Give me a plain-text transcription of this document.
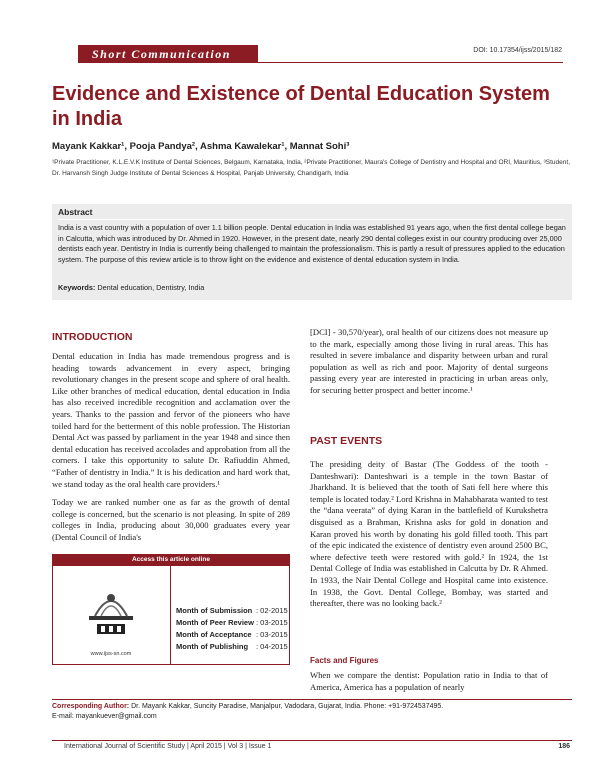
Short Communication	DOI: 10.17354/ijss/2015/182
Evidence and Existence of Dental Education System in India
Mayank Kakkar¹, Pooja Pandya², Ashma Kawalekar¹, Mannat Sohi³
¹Private Practitioner, K.L.E.V.K Institute of Dental Sciences, Belgaum, Karnataka, India, ²Private Practitioner, Maura's College of Dentistry and Hospital and ORI, Mauritius, ³Student, Dr. Harvansh Singh Judge Institute of Dental Sciences & Hospital, Panjab University, Chandigarh, India
Abstract
India is a vast country with a population of over 1.1 billion people. Dental education in India was established 91 years ago, when the first dental college began in Calcutta, which was introduced by Dr. Ahmed in 1920. However, in the present date, nearly 290 dental colleges exist in our country producing over 25,000 dentists each year. Dentistry in India is currently being challenged to maintain the professionalism. This is partly a result of pressures applied to the education system. The purpose of this review article is to throw light on the evidence and existence of dental education system in India.
Keywords: Dental education, Dentistry, India
INTRODUCTION
Dental education in India has made tremendous progress and is heading towards advancement in every aspect, bringing revolutionary changes in the present scope and sphere of oral health. Like other branches of medical education, dental education in India has also received incredible recognition and acclamation over the years. Thanks to the passion and fervor of the pioneers who have toiled hard for the betterment of this noble profession. The Historian Dental Act was passed by parliament in the year 1948 and since then dental education has received accolades and approbation from all the corners. I take this opportunity to salute Dr. Rafiuddin Ahmed, “Father of dentistry in India.” It is his dedication and hard work that, we stand today as the oral health care providers.¹
Today we are ranked number one as far as the growth of dental college is concerned, but the scenario is not pleasing. In spite of 289 colleges in India, producing about 30,000 graduates every year (Dental Council of India's
Access this article online
www.ijss-sn.com
Month of Submission : 02-2015
Month of Peer Review : 03-2015
Month of Acceptance : 03-2015
Month of Publishing : 04-2015
[DCI] - 30,570/year), oral health of our citizens does not measure up to the mark, especially among those living in rural areas. This has resulted in severe imbalance and disparity between urban and rural population as well as rich and poor. Majority of dental surgeons passing every year are interested in practicing in urban areas only, for securing better prospect and better income.¹
PAST EVENTS
The presiding deity of Bastar (The Goddess of the tooth - Danteshwari): Danteshwari is a temple in the town Bastar of Jharkhand. It is believed that the tooth of Sati fell here where this temple is located today.² Lord Krishna in Mahabharata wanted to test the “dana veerata” of dying Karan in the battlefield of Kurukshetra disguised as a Brahman, Krishna asks for gold in donation and Karan proved his worth by donating his gold filled tooth. This part of the epic indicated the existence of dentistry even around 2500 BC, where defective teeth were restored with gold.² In 1924, the 1st Dental College of India was established in Calcutta by Dr. R Ahmed. In 1933, the Nair Dental College and Hospital came into existence. In 1938, the Govt. Dental College, Bombay, was started and thereafter, there was no looking back.²
Facts and Figures
When we compare the dentist: Population ratio in India to that of America, America has a population of nearly
Corresponding Author: Dr. Mayank Kakkar, Suncity Paradise, Manjalpur, Vadodara, Gujarat, India. Phone: +91-9724537495.
E-mail: mayankuever@gmail.com
International Journal of Scientific Study | April 2015 | Vol 3 | Issue 1	186
